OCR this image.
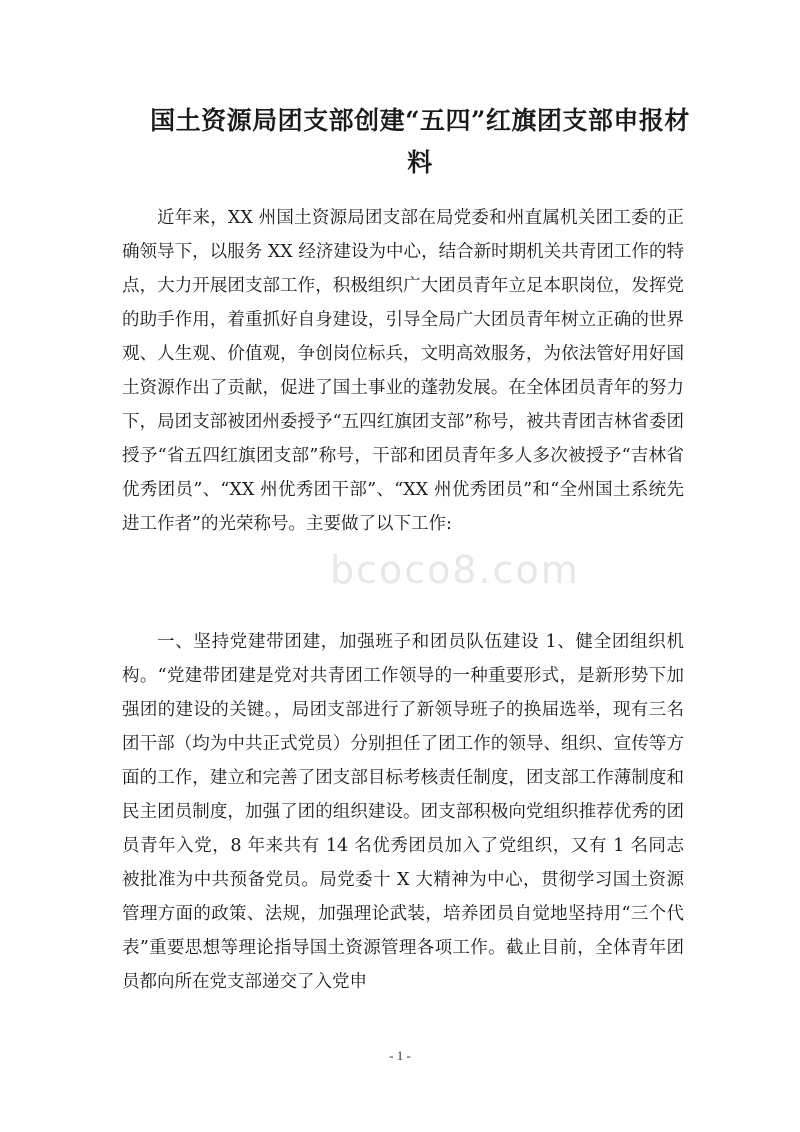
国土资源局团支部创建“五四”红旗团支部申报材料

近年来，XX 州国土资源局团支部在局党委和州直属机关团工委的正确领导下，以服务 XX 经济建设为中心，结合新时期机关共青团工作的特点，大力开展团支部工作，积极组织广大团员青年立足本职岗位，发挥党的助手作用，着重抓好自身建设，引导全局广大团员青年树立正确的世界观、人生观、价值观，争创岗位标兵，文明高效服务，为依法管好用好国土资源作出了贡献，促进了国土事业的蓬勃发展。在全体团员青年的努力下，局团支部被团州委授予“五四红旗团支部”称号，被共青团吉林省委团授予“省五四红旗团支部”称号，干部和团员青年多人多次被授予“吉林省优秀团员”、“XX 州优秀团干部”、“XX 州优秀团员”和“全州国土系统先进工作者”的光荣称号。主要做了以下工作:

bcoco8.com

一、坚持党建带团建，加强班子和团员队伍建设 1、健全团组织机构。“党建带团建是党对共青团工作领导的一种重要形式，是新形势下加强团的建设的关键。，局团支部进行了新领导班子的换届选举，现有三名团干部（均为中共正式党员）分别担任了团工作的领导、组织、宣传等方面的工作，建立和完善了团支部目标考核责任制度，团支部工作薄制度和民主团员制度，加强了团的组织建设。团支部积极向党组织推荐优秀的团员青年入党，8 年来共有 14 名优秀团员加入了党组织，又有 1 名同志被批准为中共预备党员。局党委十 X 大精神为中心，贯彻学习国土资源管理方面的政策、法规，加强理论武装，培养团员自觉地坚持用“三个代表”重要思想等理论指导国土资源管理各项工作。截止目前，全体青年团员都向所在党支部递交了入党申

- 1 -
